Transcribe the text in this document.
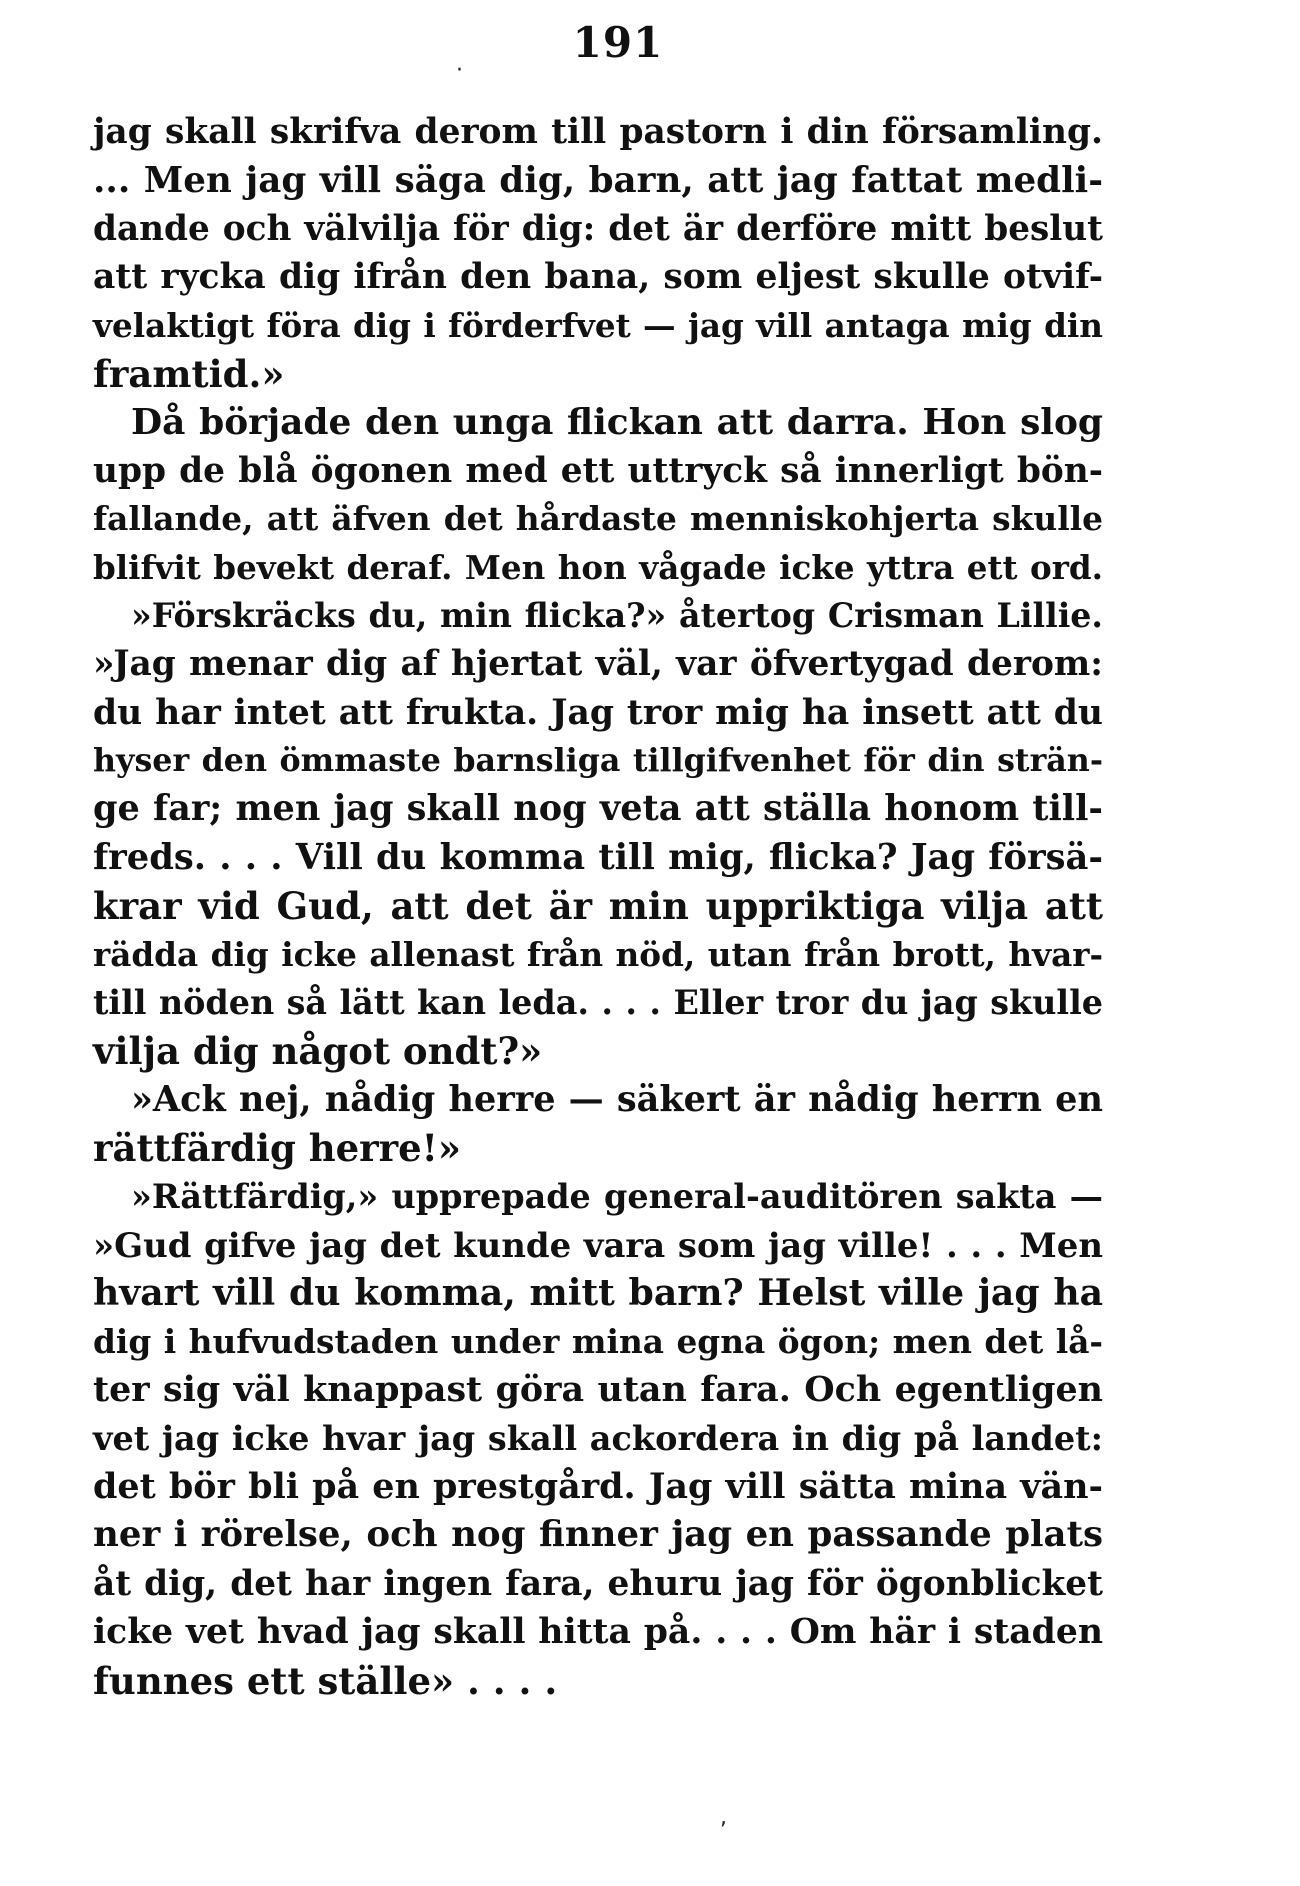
191
·
,
jag skall skrifva derom till pastorn i din församling.
... Men jag vill säga dig, barn, att jag fattat medli-
dande och välvilja för dig: det är derföre mitt beslut
att rycka dig ifrån den bana, som eljest skulle otvif-
velaktigt föra dig i förderfvet — jag vill antaga mig din
framtid.»
Då började den unga flickan att darra. Hon slog
upp de blå ögonen med ett uttryck så innerligt bön-
fallande, att äfven det hårdaste menniskohjerta skulle
blifvit bevekt deraf. Men hon vågade icke yttra ett ord.
»Förskräcks du, min flicka?» återtog Crisman Lillie.
»Jag menar dig af hjertat väl, var öfvertygad derom:
du har intet att frukta. Jag tror mig ha insett att du
hyser den ömmaste barnsliga tillgifvenhet för din strän-
ge far; men jag skall nog veta att ställa honom till-
freds. . . . Vill du komma till mig, flicka? Jag försä-
krar vid Gud, att det är min uppriktiga vilja att
rädda dig icke allenast från nöd, utan från brott, hvar-
till nöden så lätt kan leda. . . . Eller tror du jag skulle
vilja dig något ondt?»
»Ack nej, nådig herre — säkert är nådig herrn en
rättfärdig herre!»
»Rättfärdig,» upprepade general-auditören sakta —
»Gud gifve jag det kunde vara som jag ville! . . . Men
hvart vill du komma, mitt barn? Helst ville jag ha
dig i hufvudstaden under mina egna ögon; men det lå-
ter sig väl knappast göra utan fara. Och egentligen
vet jag icke hvar jag skall ackordera in dig på landet:
det bör bli på en prestgård. Jag vill sätta mina vän-
ner i rörelse, och nog finner jag en passande plats
åt dig, det har ingen fara, ehuru jag för ögonblicket
icke vet hvad jag skall hitta på. . . . Om här i staden
funnes ett ställe» . . . .
